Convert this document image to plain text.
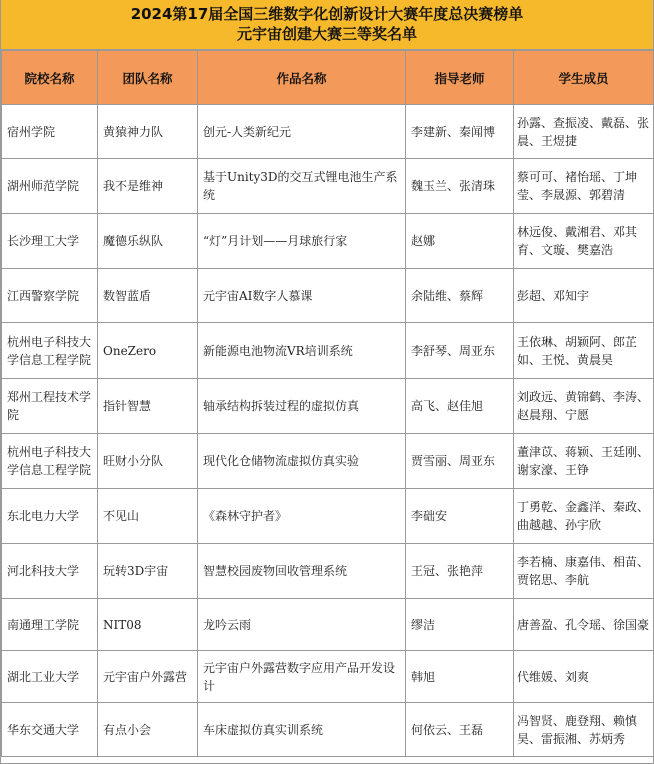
2024第17届全国三维数字化创新设计大赛年度总决赛榜单
元宇宙创建大赛三等奖名单
院校名称	团队名称	作品名称	指导老师	学生成员
宿州学院	黄猿神力队	创元-人类新纪元	李建新、秦闻博	孙露、查振凌、戴磊、张晨、王煜捷
湖州师范学院	我不是维神	基于Unity3D的交互式锂电池生产系统	魏玉兰、张清珠	蔡可可、褚怡瑶、丁坤莹、李晟源、郭碧清
长沙理工大学	魔德乐纵队	“灯”月计划——月球旅行家	赵娜	林远俊、戴湘君、邓其育、文璇、樊嘉浩
江西警察学院	数智蓝盾	元宇宙AI数字人慕课	余陆维、蔡辉	彭超、邓知宇
杭州电子科技大学信息工程学院	OneZero	新能源电池物流VR培训系统	李舒琴、周亚东	王依琳、胡颖阿、郎芷如、王悦、黄晨昊
郑州工程技术学院	指针智慧	轴承结构拆装过程的虚拟仿真	高飞、赵佳旭	刘政远、黄锦鹤、李涛、赵晨翔、宁愿
杭州电子科技大学信息工程学院	旺财小分队	现代化仓储物流虚拟仿真实验	贾雪丽、周亚东	董津苡、蒋颖、王廷刚、谢家濠、王铮
东北电力大学	不见山	《森林守护者》	李础安	丁勇乾、金鑫洋、秦政、曲越越、孙宇欣
河北科技大学	玩转3D宇宙	智慧校园废物回收管理系统	王冠、张艳萍	李若楠、康嘉伟、相苗、贾铭思、李航
南通理工学院	NIT08	龙吟云雨	缪洁	唐善盈、孔令瑶、徐国豪
湖北工业大学	元宇宙户外露营	元宇宙户外露营数字应用产品开发设计	韩旭	代维媛、刘爽
华东交通大学	有点小会	车床虚拟仿真实训系统	何依云、王磊	冯智贤、鹿登翔、赖慎昊、雷振湘、苏炳秀
